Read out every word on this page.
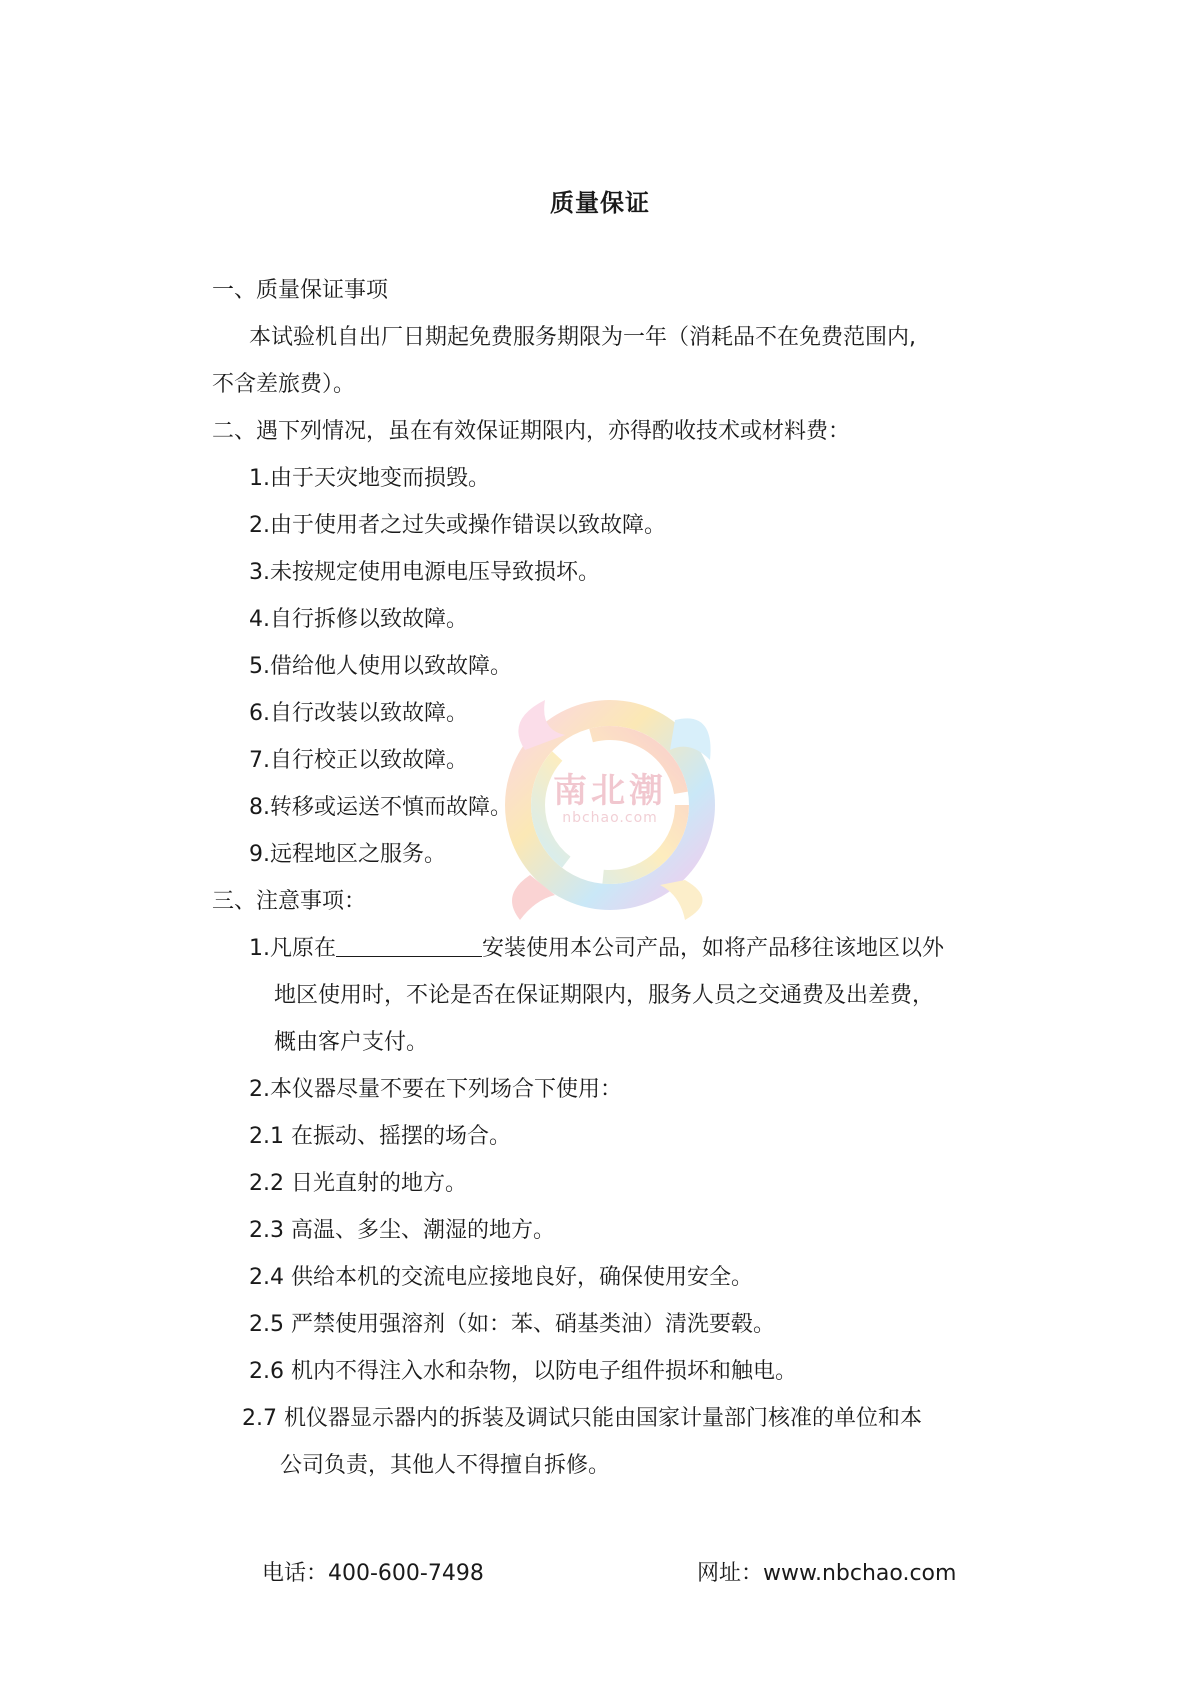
南北潮
nbchao.com
质量保证
一、质量保证事项
本试验机自出厂日期起免费服务期限为一年（消耗品不在免费范围内,
不含差旅费）。
二、遇下列情况，虽在有效保证期限内，亦得酌收技术或材料费：
1.由于天灾地变而损毁。
2.由于使用者之过失或操作错误以致故障。
3.未按规定使用电源电压导致损坏。
4.自行拆修以致故障。
5.借给他人使用以致故障。
6.自行改装以致故障。
7.自行校正以致故障。
8.转移或运送不慎而故障。
9.远程地区之服务。
三、注意事项：
1.凡原在	安装使用本公司产品，如将产品移往该地区以外
地区使用时，不论是否在保证期限内，服务人员之交通费及出差费，
概由客户支付。
2.本仪器尽量不要在下列场合下使用：
2.1 在振动、摇摆的场合。
2.2 日光直射的地方。
2.3 高温、多尘、潮湿的地方。
2.4 供给本机的交流电应接地良好，确保使用安全。
2.5 严禁使用强溶剂（如：苯、硝基类油）清洗要毂。
2.6 机内不得注入水和杂物，以防电子组件损坏和触电。
2.7 机仪器显示器内的拆装及调试只能由国家计量部门核准的单位和本
公司负责，其他人不得擅自拆修。
电话：400-600-7498	网址：www.nbchao.com
